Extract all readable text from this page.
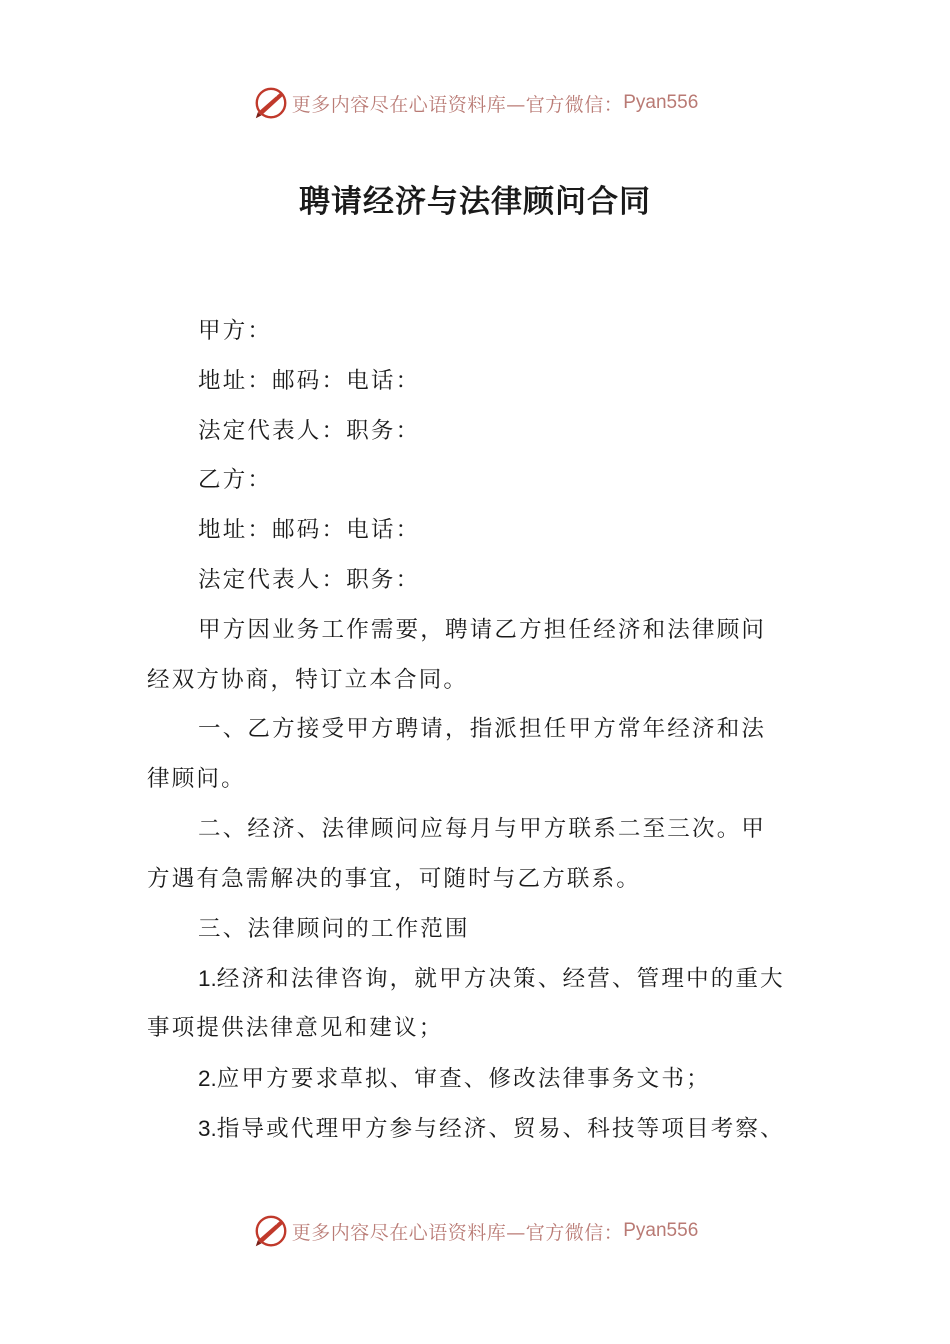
更多内容尽在心语资料库—官方微信： Pyan556
聘请经济与法律顾问合同

甲方：

地址：邮码：电话：

法定代表人：职务：

乙方：

地址：邮码：电话：

法定代表人：职务：

甲方因业务工作需要，聘请乙方担任经济和法律顾问

经双方协商，特订立本合同。

一、乙方接受甲方聘请，指派担任甲方常年经济和法

律顾问。

二、经济、法律顾问应每月与甲方联系二至三次。甲

方遇有急需解决的事宜，可随时与乙方联系。

三、法律顾问的工作范围

1.经济和法律咨询，就甲方决策、经营、管理中的重大

事项提供法律意见和建议；

2.应甲方要求草拟、审查、修改法律事务文书；

3.指导或代理甲方参与经济、贸易、科技等项目考察、

更多内容尽在心语资料库—官方微信： Pyan556
